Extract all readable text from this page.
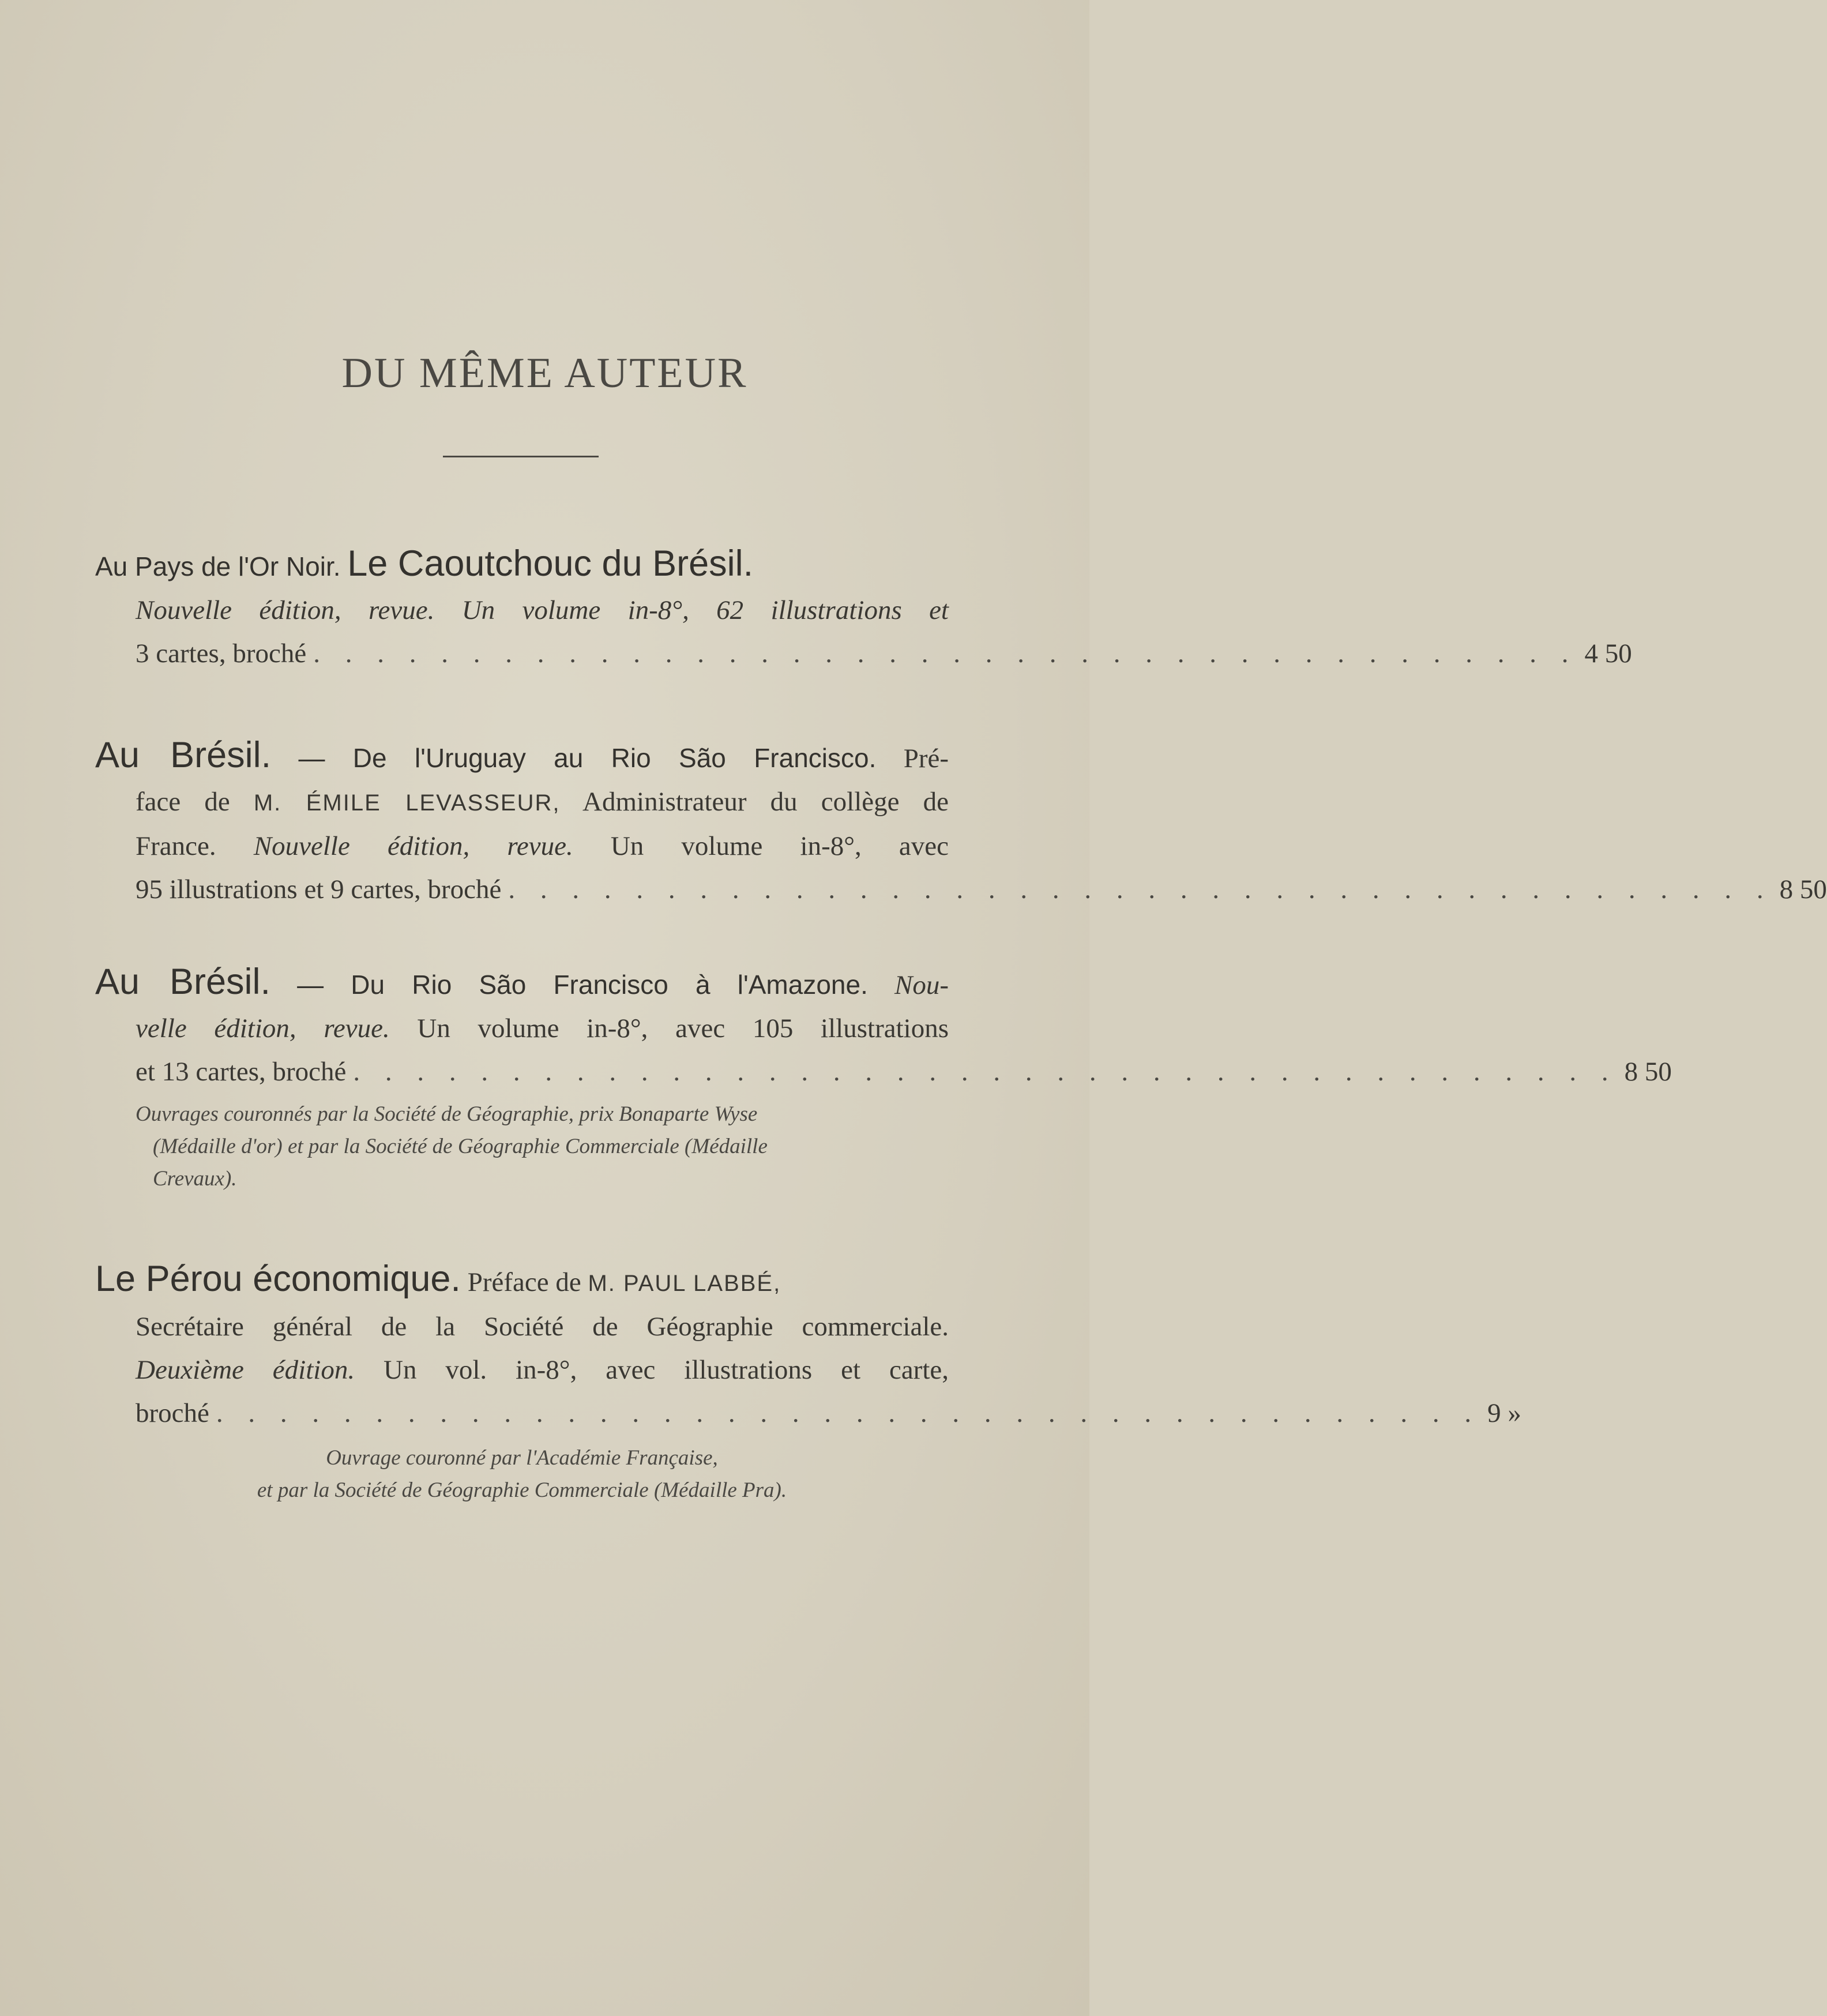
DU MÊME AUTEUR
Au Pays de l'Or Noir. Le Caoutchouc du Brésil.
Nouvelle édition, revue. Un volume in-8°, 62 illustrations et
3 cartes, broché . . . . . . . . . . . . . . . . . . . . . . . . . . . . . . . . . . . . . . . . 4 50
Au Brésil. — De l'Uruguay au Rio São Francisco. Pré-
face de M. ÉMILE LEVASSEUR, Administrateur du collège de
France. Nouvelle édition, revue. Un volume in-8°, avec
95 illustrations et 9 cartes, broché . . . . . . . . . . . . . . . . . . . . . . . . . . . . . . . . . . . . . . . . 8 50
Au Brésil. — Du Rio São Francisco à l'Amazone. Nou-
velle édition, revue. Un volume in-8°, avec 105 illustrations
et 13 cartes, broché . . . . . . . . . . . . . . . . . . . . . . . . . . . . . . . . . . . . . . . . 8 50
Ouvrages couronnés par la Société de Géographie, prix Bonaparte Wyse
(Médaille d'or) et par la Société de Géographie Commerciale (Médaille
Crevaux).
Le Pérou économique. Préface de M. PAUL LABBÉ,
Secrétaire général de la Société de Géographie commerciale.
Deuxième édition. Un vol. in-8°, avec illustrations et carte,
broché . . . . . . . . . . . . . . . . . . . . . . . . . . . . . . . . . . . . . . . . 9 »
Ouvrage couronné par l'Académie Française,
et par la Société de Géographie Commerciale (Médaille Pra).
